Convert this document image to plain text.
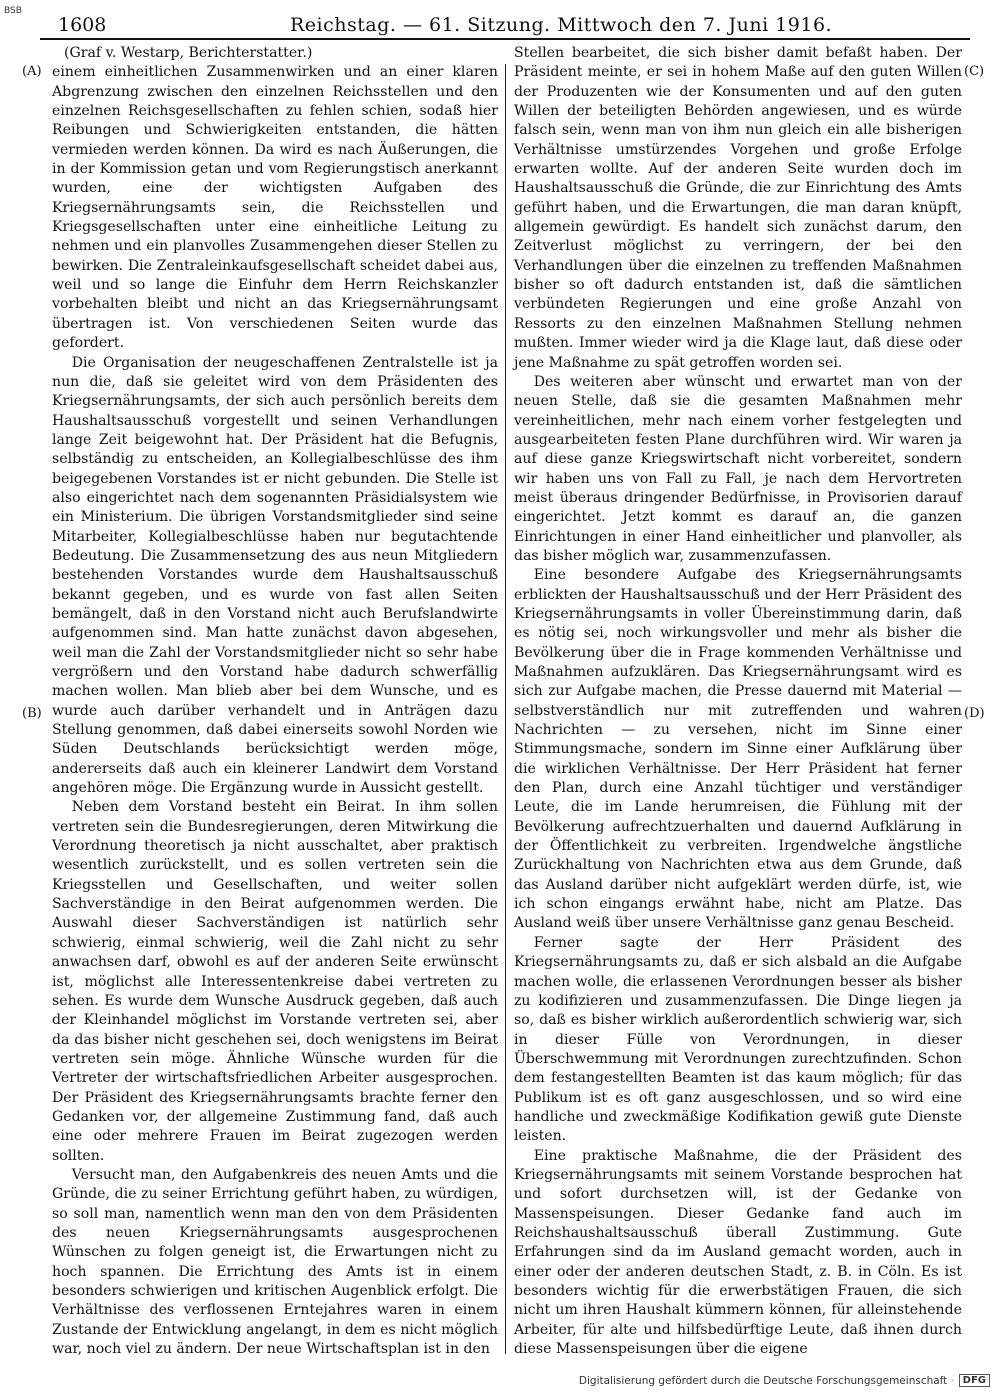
BSB
1608	Reichstag. — 61. Sitzung. Mittwoch den 7. Juni 1916.

(Graf v. Westarp, Berichterstatter.)

einem einheitlichen Zusammenwirken und an einer klaren Abgrenzung zwischen den einzelnen Reichsstellen und den einzelnen Reichsgesellschaften zu fehlen schien, sodaß hier Reibungen und Schwierigkeiten entstanden, die hätten vermieden werden können. Da wird es nach Äußerungen, die in der Kommission getan und vom Regierungstisch anerkannt wurden, eine der wichtigsten Aufgaben des Kriegsernährungsamts sein, die Reichsstellen und Kriegsgesellschaften unter eine einheitliche Leitung zu nehmen und ein planvolles Zusammengehen dieser Stellen zu bewirken. Die Zentraleinkaufsgesellschaft scheidet dabei aus, weil und so lange die Einfuhr dem Herrn Reichskanzler vorbehalten bleibt und nicht an das Kriegsernährungsamt übertragen ist. Von verschiedenen Seiten wurde das gefordert.

Die Organisation der neugeschaffenen Zentralstelle ist ja nun die, daß sie geleitet wird von dem Präsidenten des Kriegsernährungsamts, der sich auch persönlich bereits dem Haushaltsausschuß vorgestellt und seinen Verhandlungen lange Zeit beigewohnt hat. Der Präsident hat die Befugnis, selbständig zu entscheiden, an Kollegialbeschlüsse des ihm beigegebenen Vorstandes ist er nicht gebunden. Die Stelle ist also eingerichtet nach dem sogenannten Präsidialsystem wie ein Ministerium. Die übrigen Vorstandsmitglieder sind seine Mitarbeiter, Kollegialbeschlüsse haben nur begutachtende Bedeutung. Die Zusammensetzung des aus neun Mitgliedern bestehenden Vorstandes wurde dem Haushaltsausschuß bekannt gegeben, und es wurde von fast allen Seiten bemängelt, daß in den Vorstand nicht auch Berufslandwirte aufgenommen sind. Man hatte zunächst davon abgesehen, weil man die Zahl der Vorstandsmitglieder nicht so sehr habe vergrößern und den Vorstand habe dadurch schwerfällig machen wollen. Man blieb aber bei dem Wunsche, und es wurde auch darüber verhandelt und in Anträgen dazu Stellung genommen, daß dabei einerseits sowohl Norden wie Süden Deutschlands berücksichtigt werden möge, andererseits daß auch ein kleinerer Landwirt dem Vorstand angehören möge. Die Ergänzung wurde in Aussicht gestellt.

Neben dem Vorstand besteht ein Beirat. In ihm sollen vertreten sein die Bundesregierungen, deren Mitwirkung die Verordnung theoretisch ja nicht ausschaltet, aber praktisch wesentlich zurückstellt, und es sollen vertreten sein die Kriegsstellen und Gesellschaften, und weiter sollen Sachverständige in den Beirat aufgenommen werden. Die Auswahl dieser Sachverständigen ist natürlich sehr schwierig, einmal schwierig, weil die Zahl nicht zu sehr anwachsen darf, obwohl es auf der anderen Seite erwünscht ist, möglichst alle Interessentenkreise dabei vertreten zu sehen. Es wurde dem Wunsche Ausdruck gegeben, daß auch der Kleinhandel möglichst im Vorstande vertreten sei, aber da das bisher nicht geschehen sei, doch wenigstens im Beirat vertreten sein möge. Ähnliche Wünsche wurden für die Vertreter der wirtschaftsfriedlichen Arbeiter ausgesprochen. Der Präsident des Kriegsernährungsamts brachte ferner den Gedanken vor, der allgemeine Zustimmung fand, daß auch eine oder mehrere Frauen im Beirat zugezogen werden sollten.

Versucht man, den Aufgabenkreis des neuen Amts und die Gründe, die zu seiner Errichtung geführt haben, zu würdigen, so soll man, namentlich wenn man den von dem Präsidenten des neuen Kriegsernährungsamts ausgesprochenen Wünschen zu folgen geneigt ist, die Erwartungen nicht zu hoch spannen. Die Errichtung des Amts ist in einem besonders schwierigen und kritischen Augenblick erfolgt. Die Verhältnisse des verflossenen Erntejahres waren in einem Zustande der Entwicklung angelangt, in dem es nicht möglich war, noch viel zu ändern. Der neue Wirtschaftsplan ist in den

Stellen bearbeitet, die sich bisher damit befaßt haben. Der Präsident meinte, er sei in hohem Maße auf den guten Willen der Produzenten wie der Konsumenten und auf den guten Willen der beteiligten Behörden angewiesen, und es würde falsch sein, wenn man von ihm nun gleich ein alle bisherigen Verhältnisse umstürzendes Vorgehen und große Erfolge erwarten wollte. Auf der anderen Seite wurden doch im Haushaltsausschuß die Gründe, die zur Einrichtung des Amts geführt haben, und die Erwartungen, die man daran knüpft, allgemein gewürdigt. Es handelt sich zunächst darum, den Zeitverlust möglichst zu verringern, der bei den Verhandlungen über die einzelnen zu treffenden Maßnahmen bisher so oft dadurch entstanden ist, daß die sämtlichen verbündeten Regierungen und eine große Anzahl von Ressorts zu den einzelnen Maßnahmen Stellung nehmen mußten. Immer wieder wird ja die Klage laut, daß diese oder jene Maßnahme zu spät getroffen worden sei.

Des weiteren aber wünscht und erwartet man von der neuen Stelle, daß sie die gesamten Maßnahmen mehr vereinheitlichen, mehr nach einem vorher festgelegten und ausgearbeiteten festen Plane durchführen wird. Wir waren ja auf diese ganze Kriegswirtschaft nicht vorbereitet, sondern wir haben uns von Fall zu Fall, je nach dem Hervortreten meist überaus dringender Bedürfnisse, in Provisorien darauf eingerichtet. Jetzt kommt es darauf an, die ganzen Einrichtungen in einer Hand einheitlicher und planvoller, als das bisher möglich war, zusammenzufassen.

Eine besondere Aufgabe des Kriegsernährungsamts erblickten der Haushaltsausschuß und der Herr Präsident des Kriegsernährungsamts in voller Übereinstimmung darin, daß es nötig sei, noch wirkungsvoller und mehr als bisher die Bevölkerung über die in Frage kommenden Verhältnisse und Maßnahmen aufzuklären. Das Kriegsernährungsamt wird es sich zur Aufgabe machen, die Presse dauernd mit Material — selbstverständlich nur mit zutreffenden und wahren Nachrichten — zu versehen, nicht im Sinne einer Stimmungsmache, sondern im Sinne einer Aufklärung über die wirklichen Verhältnisse. Der Herr Präsident hat ferner den Plan, durch eine Anzahl tüchtiger und verständiger Leute, die im Lande herumreisen, die Fühlung mit der Bevölkerung aufrechtzuerhalten und dauernd Aufklärung in der Öffentlichkeit zu verbreiten. Irgendwelche ängstliche Zurückhaltung von Nachrichten etwa aus dem Grunde, daß das Ausland darüber nicht aufgeklärt werden dürfe, ist, wie ich schon eingangs erwähnt habe, nicht am Platze. Das Ausland weiß über unsere Verhältnisse ganz genau Bescheid.

Ferner sagte der Herr Präsident des Kriegsernährungsamts zu, daß er sich alsbald an die Aufgabe machen wolle, die erlassenen Verordnungen besser als bisher zu kodifizieren und zusammenzufassen. Die Dinge liegen ja so, daß es bisher wirklich außerordentlich schwierig war, sich in dieser Fülle von Verordnungen, in dieser Überschwemmung mit Verordnungen zurechtzufinden. Schon dem festangestellten Beamten ist das kaum möglich; für das Publikum ist es oft ganz ausgeschlossen, und so wird eine handliche und zweckmäßige Kodifikation gewiß gute Dienste leisten.

Eine praktische Maßnahme, die der Präsident des Kriegsernährungsamts mit seinem Vorstande besprochen hat und sofort durchsetzen will, ist der Gedanke von Massenspeisungen. Dieser Gedanke fand auch im Reichshaushaltsausschuß überall Zustimmung. Gute Erfahrungen sind da im Ausland gemacht worden, auch in einer oder der anderen deutschen Stadt, z. B. in Cöln. Es ist besonders wichtig für die erwerbstätigen Frauen, die sich nicht um ihren Haushalt kümmern können, für alleinstehende Arbeiter, für alte und hilfsbedürftige Leute, daß ihnen durch diese Massenspeisungen über die eigene

(A)
(B)
(C)
(D)
Digitalisierung gefördert durch die Deutsche Forschungsgemeinschaft · DFG
